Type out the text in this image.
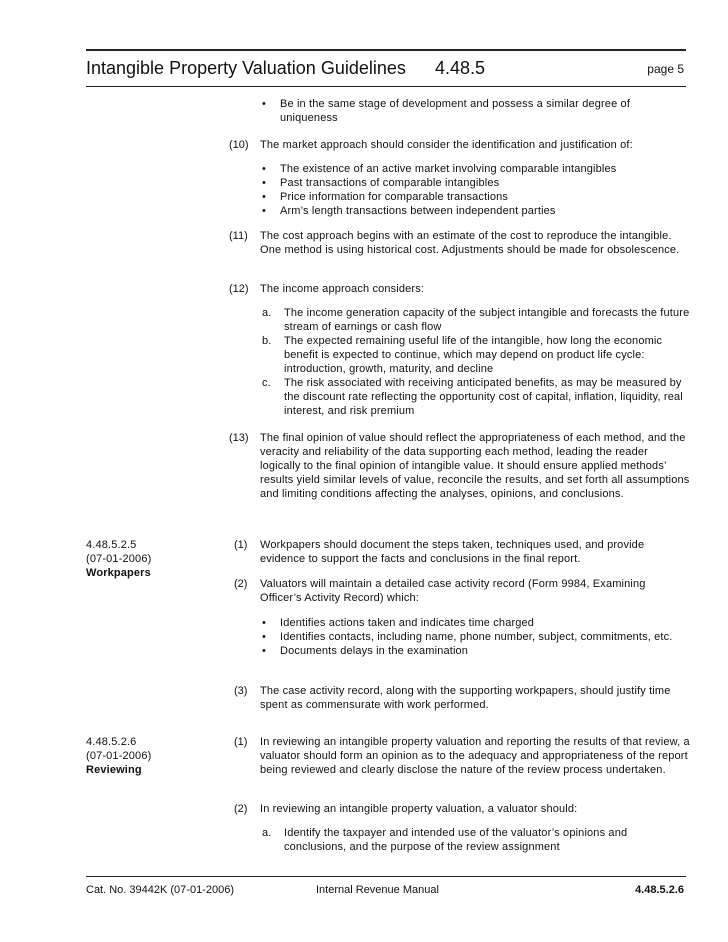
Intangible Property Valuation Guidelines 4.48.5	page 5
• Be in the same stage of development and possess a similar degree of uniqueness
(10) The market approach should consider the identification and justification of:

• The existence of an active market involving comparable intangibles
• Past transactions of comparable intangibles
• Price information for comparable transactions
• Arm’s length transactions between independent parties
(11) The cost approach begins with an estimate of the cost to reproduce the intangible. One method is using historical cost. Adjustments should be made for obsolescence.

(12) The income approach considers:

a. The income generation capacity of the subject intangible and forecasts the future stream of earnings or cash flow
b. The expected remaining useful life of the intangible, how long the economic benefit is expected to continue, which may depend on product life cycle: introduction, growth, maturity, and decline
c. The risk associated with receiving anticipated benefits, as may be measured by the discount rate reflecting the opportunity cost of capital, inflation, liquidity, real interest, and risk premium
(13) The final opinion of value should reflect the appropriateness of each method, and the veracity and reliability of the data supporting each method, leading the reader logically to the final opinion of intangible value. It should ensure applied methods’ results yield similar levels of value, reconcile the results, and set forth all assumptions and limiting conditions affecting the analyses, opinions, and conclusions.

4.48.5.2.5
(07-01-2006)
Workpapers
(1) Workpapers should document the steps taken, techniques used, and provide evidence to support the facts and conclusions in the final report.

(2) Valuators will maintain a detailed case activity record (Form 9984, Examining Officer’s Activity Record) which:

• Identifies actions taken and indicates time charged
• Identifies contacts, including name, phone number, subject, commitments, etc.
• Documents delays in the examination
(3) The case activity record, along with the supporting workpapers, should justify time spent as commensurate with work performed.

4.48.5.2.6
(07-01-2006)
Reviewing
(1) In reviewing an intangible property valuation and reporting the results of that review, a valuator should form an opinion as to the adequacy and appropriateness of the report being reviewed and clearly disclose the nature of the review process undertaken.

(2) In reviewing an intangible property valuation, a valuator should:

a. Identify the taxpayer and intended use of the valuator’s opinions and conclusions, and the purpose of the review assignment
Cat. No. 39442K (07-01-2006)	Internal Revenue Manual	4.48.5.2.6
